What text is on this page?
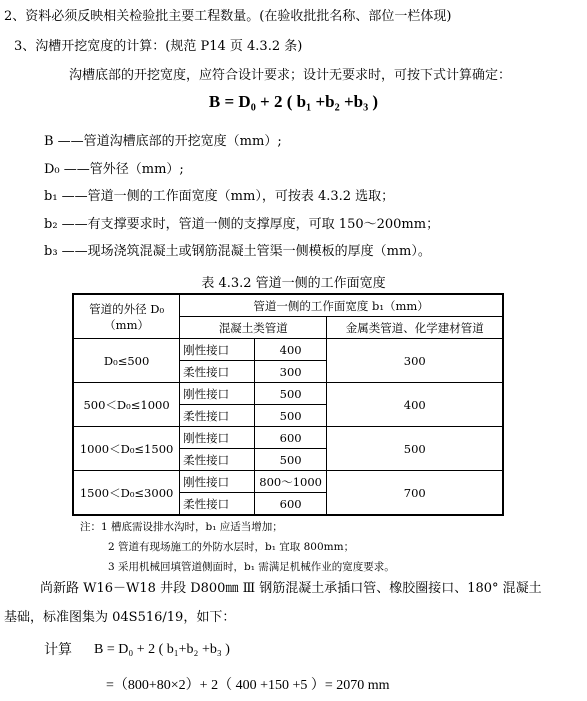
2、资料必须反映相关检验批主要工程数量。(在验收批批名称、部位一栏体现)
3、沟槽开挖宽度的计算：(规范 P14 页 4.3.2 条)
沟槽底部的开挖宽度，应符合设计要求；设计无要求时，可按下式计算确定：
B = D₀ + 2 ( b₁ +b₂ +b₃ )
B ——管道沟槽底部的开挖宽度（mm）;
D₀ ——管外径（mm）;
b₁ ——管道一侧的工作面宽度（mm），可按表 4.3.2 选取；
b₂ ——有支撑要求时，管道一侧的支撑厚度，可取 150～200mm；
b₃ ——现场浇筑混凝土或钢筋混凝土管渠一侧模板的厚度（mm）。
表 4.3.2 管道一侧的工作面宽度
管道的外径 D₀
（mm）	管道一侧的工作面宽度 b₁（mm）		
	混凝土类管道		金属类管道、化学建材管道
D₀≤500	刚性接口	400	300
	柔性接口	300	
500＜D₀≤1000	刚性接口	500	400
	柔性接口	500	
1000＜D₀≤1500	刚性接口	600	500
	柔性接口	500	
1500＜D₀≤3000	刚性接口	800～1000	700
	柔性接口	600	
注：1 槽底需设排水沟时，b₁ 应适当增加；
2 管道有现场施工的外防水层时，b₁ 宜取 800mm；
3 采用机械回填管道侧面时，b₁ 需满足机械作业的宽度要求。
尚新路 W16－W18 井段 D800㎜ Ⅲ 钢筋混凝土承插口管、橡胶圈接口、180° 混凝土
基础，标准图集为 04S516/19，如下：
计算 B = D₀ + 2 ( b₁+b₂ +b₃ )
=（800+80×2）+ 2（ 400 +150 +5 ）= 2070 mm
